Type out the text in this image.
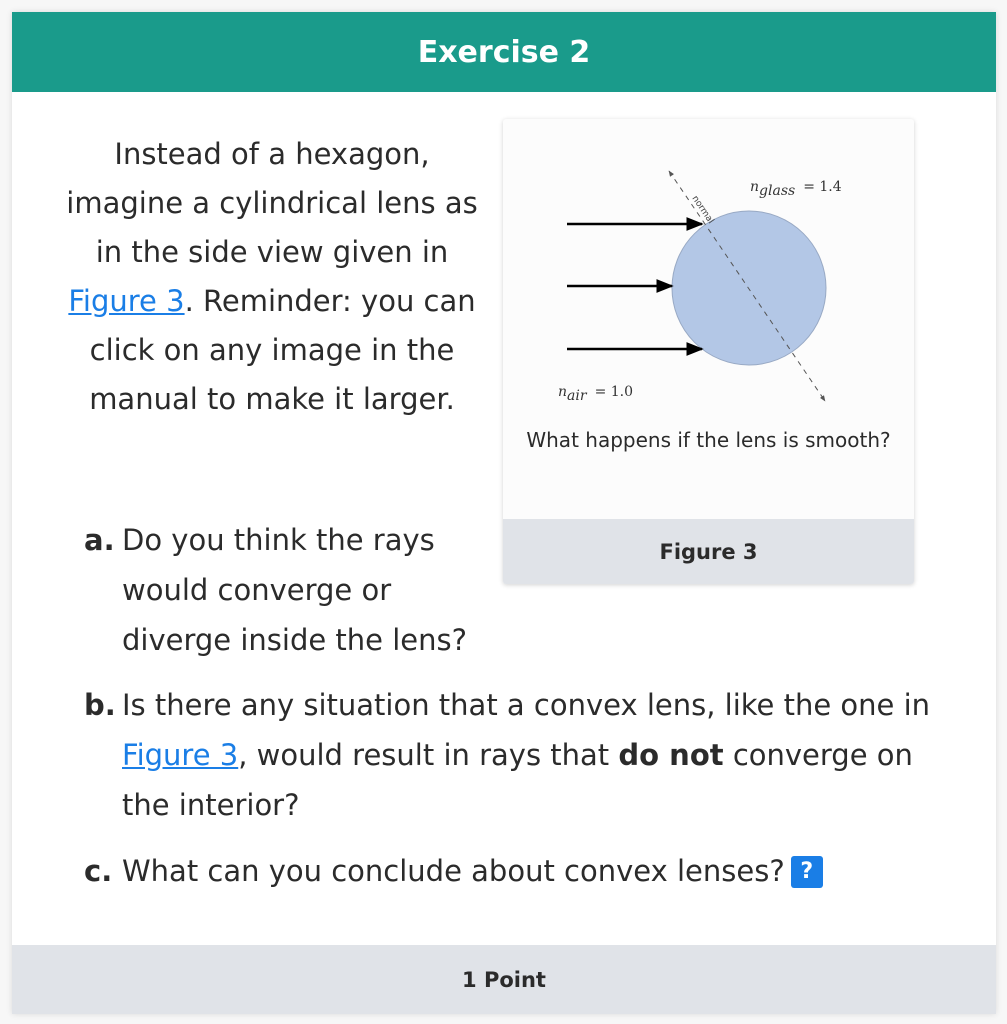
Exercise 2

Instead of a hexagon, imagine a cylindrical lens as in the side view given in Figure 3. Reminder: you can click on any image in the manual to make it larger.

normal
nglass = 1.4
nair = 1.0
What happens if the lens is smooth?
Figure 3
a. Do you think the rays would converge or diverge inside the lens?
b. Is there any situation that a convex lens, like the one in Figure 3, would result in rays that do not converge on the interior?
c. What can you conclude about convex lenses? ?
1 Point
